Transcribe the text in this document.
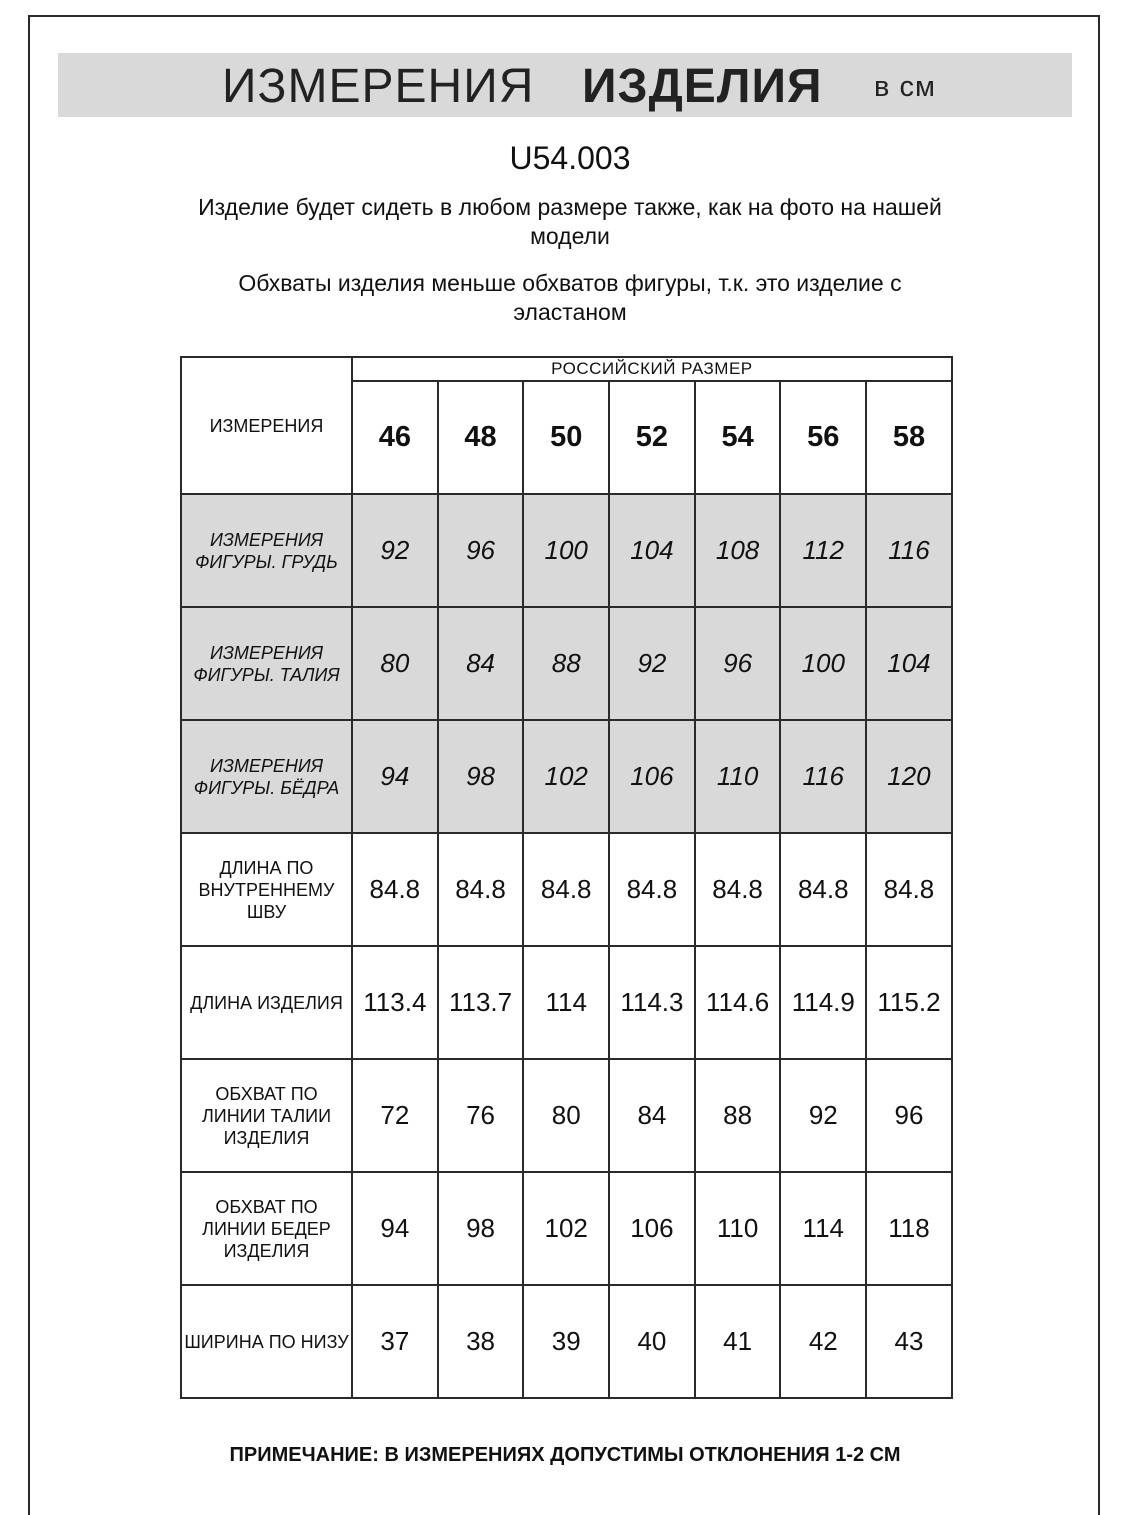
ИЗМЕРЕНИЯ ИЗДЕЛИЯ в см
U54.003
Изделие будет сидеть в любом размере также, как на фото на нашей модели
Обхваты изделия меньше обхватов фигуры, т.к. это изделие с эластаном
ИЗМЕРЕНИЯ	РОССИЙСКИЙ РАЗМЕР						
	46	48	50	52	54	56	58
ИЗМЕРЕНИЯ ФИГУРЫ. ГРУДЬ	92	96	100	104	108	112	116
ИЗМЕРЕНИЯ ФИГУРЫ. ТАЛИЯ	80	84	88	92	96	100	104
ИЗМЕРЕНИЯ ФИГУРЫ. БЁДРА	94	98	102	106	110	116	120
ДЛИНА ПО ВНУТРЕННЕМУ ШВУ	84.8	84.8	84.8	84.8	84.8	84.8	84.8
ДЛИНА ИЗДЕЛИЯ	113.4	113.7	114	114.3	114.6	114.9	115.2
ОБХВАТ ПО ЛИНИИ ТАЛИИ ИЗДЕЛИЯ	72	76	80	84	88	92	96
ОБХВАТ ПО ЛИНИИ БЕДЕР ИЗДЕЛИЯ	94	98	102	106	110	114	118
ШИРИНА ПО НИЗУ	37	38	39	40	41	42	43
ПРИМЕЧАНИЕ: В ИЗМЕРЕНИЯХ ДОПУСТИМЫ ОТКЛОНЕНИЯ 1-2 СМ
